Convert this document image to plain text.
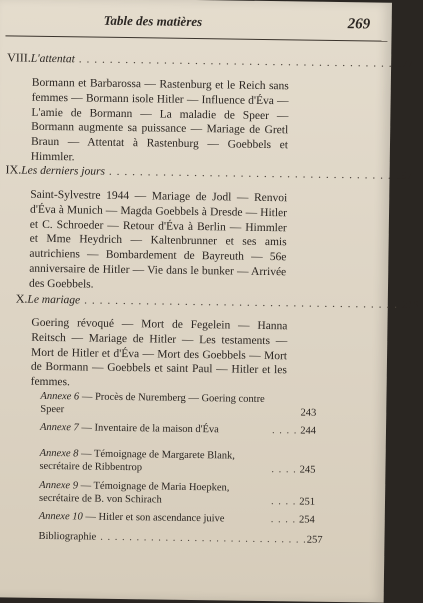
Table des matières	269
VIII. L'attentat . . . . . . . . . . . . . . . . . . . . . . . . . . . . . . . . . . . . . . . . . 177
Bormann et Barbarossa — Rastenburg et le Reich sans femmes — Bormann isole Hitler — Influence d'Éva — L'amie de Bormann — La maladie de Speer — Bormann augmente sa puissance — Mariage de Gretl Braun — Attentat à Rastenburg — Goebbels et Himmler.
IX. Les derniers jours . . . . . . . . . . . . . . . . . . . . . . . . . . . . . . . . . . . . . 197
Saint-Sylvestre 1944 — Mariage de Jodl — Renvoi d'Éva à Munich — Magda Goebbels à Dresde — Hitler et C. Schroeder — Retour d'Éva à Berlin — Himmler et Mme Heydrich — Kaltenbrunner et ses amis autrichiens — Bombardement de Bayreuth — 56e anniversaire de Hitler — Vie dans le bunker — Arrivée des Goebbels.
X. Le mariage . . . . . . . . . . . . . . . . . . . . . . . . . . . . . . . . . . . . . . . . . 219
Goering révoqué — Mort de Fegelein — Hanna Reitsch — Mariage de Hitler — Les testaments — Mort de Hitler et d'Éva — Mort des Goebbels — Mort de Bormann — Goebbels et saint Paul — Hitler et les femmes.
Annexe 6 — Procès de Nuremberg — Goering contre Speer	243
Annexe 7 — Inventaire de la maison d'Éva	. . . . 244
Annexe 8 — Témoignage de Margarete Blank, secrétaire de Ribbentrop	. . . . 245
Annexe 9 — Témoignage de Maria Hoepken, secrétaire de B. von Schirach	. . . . 251
Annexe 10 — Hitler et son ascendance juive	. . . . 254
Bibliographie . . . . . . . . . . . . . . . . . . . . . . . . . . . . . 257
